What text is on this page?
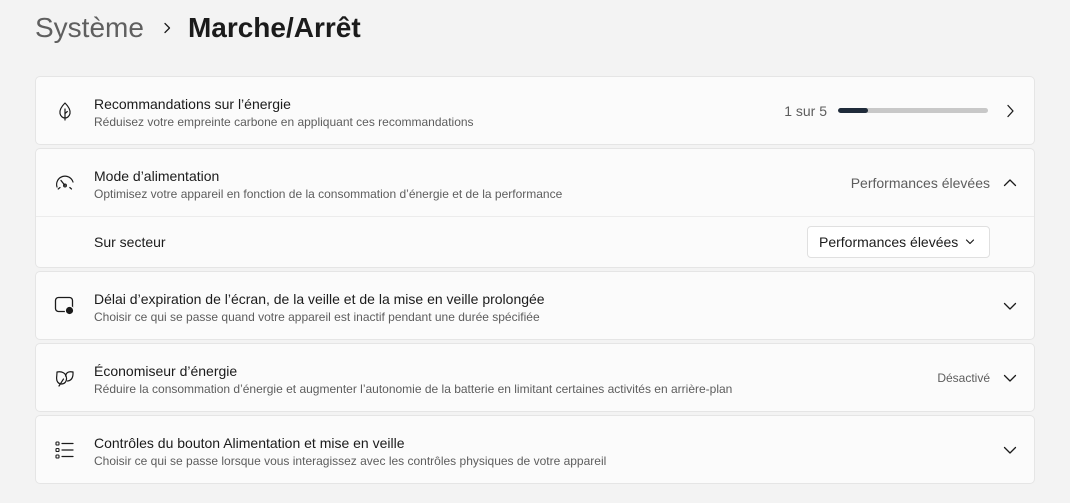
Système Marche/Arrêt
Recommandations sur l’énergie
Réduisez votre empreinte carbone en appliquant ces recommandations
1 sur 5
Mode d’alimentation
Optimisez votre appareil en fonction de la consommation d’énergie et de la performance
Performances élevées
Sur secteur	Performances élevées
Délai d’expiration de l’écran, de la veille et de la mise en veille prolongée
Choisir ce qui se passe quand votre appareil est inactif pendant une durée spécifiée
Économiseur d’énergie
Réduire la consommation d’énergie et augmenter l’autonomie de la batterie en limitant certaines activités en arrière-plan
Désactivé
Contrôles du bouton Alimentation et mise en veille
Choisir ce qui se passe lorsque vous interagissez avec les contrôles physiques de votre appareil
